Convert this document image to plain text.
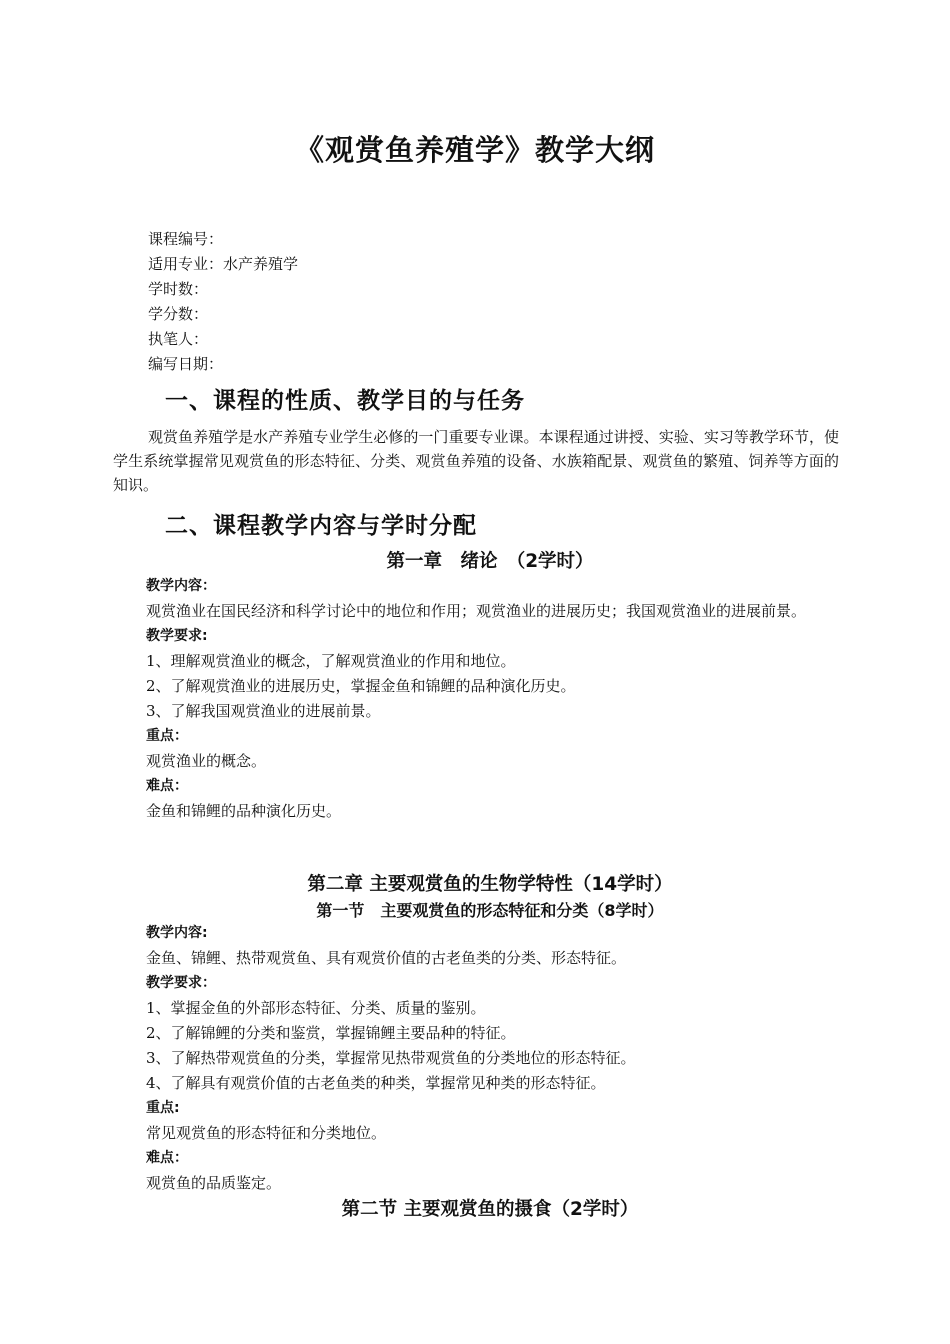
《观赏鱼养殖学》教学大纲
课程编号：
适用专业：水产养殖学
学时数：
学分数：
执笔人：
编写日期：
一、课程的性质、教学目的与任务
观赏鱼养殖学是水产养殖专业学生必修的一门重要专业课。本课程通过讲授、实验、实习等教学环节，使学生系统掌握常见观赏鱼的形态特征、分类、观赏鱼养殖的设备、水族箱配景、观赏鱼的繁殖、饲养等方面的知识。
二、课程教学内容与学时分配
第一章　绪论　（2学时）
教学内容：
观赏渔业在国民经济和科学讨论中的地位和作用；观赏渔业的进展历史；我国观赏渔业的进展前景。
教学要求:
1、理解观赏渔业的概念，了解观赏渔业的作用和地位。
2、了解观赏渔业的进展历史，掌握金鱼和锦鲤的品种演化历史。
3、了解我国观赏渔业的进展前景。
重点：
观赏渔业的概念。
难点：
金鱼和锦鲤的品种演化历史。
第二章 主要观赏鱼的生物学特性（14学时）
第一节　主要观赏鱼的形态特征和分类（8学时）
教学内容:
金鱼、锦鲤、热带观赏鱼、具有观赏价值的古老鱼类的分类、形态特征。
教学要求：
1、掌握金鱼的外部形态特征、分类、质量的鉴别。
2、了解锦鲤的分类和鉴赏，掌握锦鲤主要品种的特征。
3、了解热带观赏鱼的分类，掌握常见热带观赏鱼的分类地位的形态特征。
4、了解具有观赏价值的古老鱼类的种类，掌握常见种类的形态特征。
重点:
常见观赏鱼的形态特征和分类地位。
难点：
观赏鱼的品质鉴定。
第二节 主要观赏鱼的摄食（2学时）
